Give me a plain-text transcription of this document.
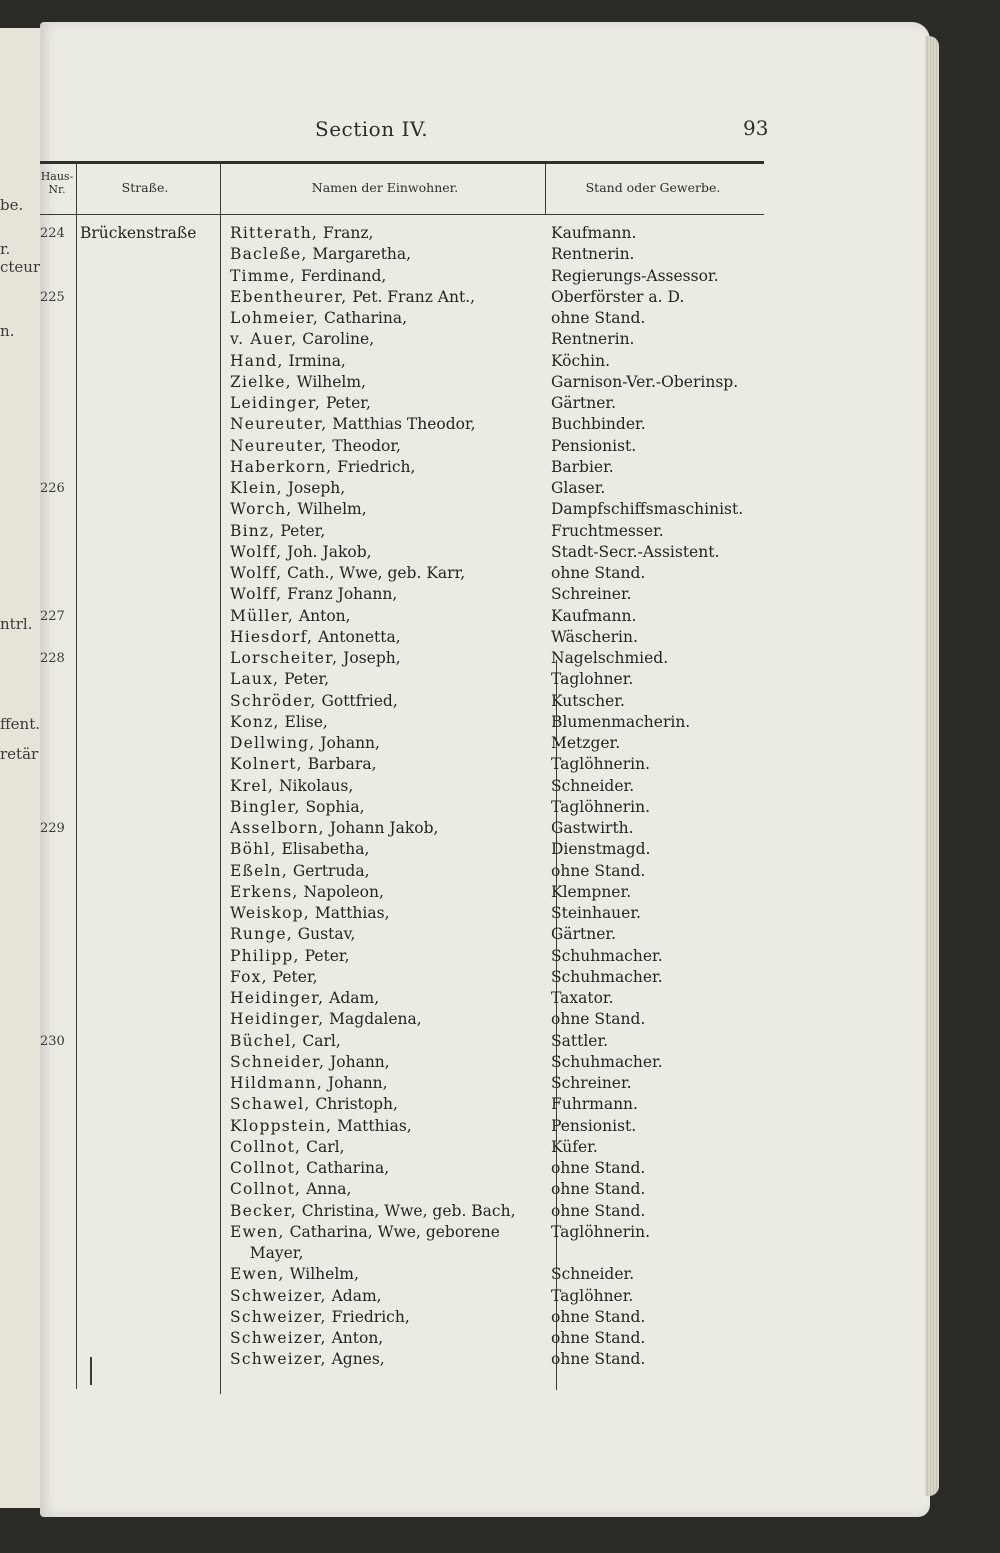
be.
r.
cteur
n.
ntrl.
ffent.
retär
Section IV.	93
Haus-Nr.	Straße.	Namen der Einwohner.	Stand oder Gewerbe.
224 Brückenstraße	Ritterath, Franz,	Kaufmann.
Bacleße, Margaretha,	Rentnerin.
Timme, Ferdinand,	Regierungs-Assessor.
225	Ebentheurer, Pet. Franz Ant.,	Oberförster a. D.
Lohmeier, Catharina,	ohne Stand.
v. Auer, Caroline,	Rentnerin.
Hand, Irmina,	Köchin.
Zielke, Wilhelm,	Garnison-Ver.-Oberinsp.
Leidinger, Peter,	Gärtner.
Neureuter, Matthias Theodor,	Buchbinder.
Neureuter, Theodor,	Pensionist.
Haberkorn, Friedrich,	Barbier.
226	Klein, Joseph,	Glaser.
Worch, Wilhelm,	Dampfschiffsmaschinist.
Binz, Peter,	Fruchtmesser.
Wolff, Joh. Jakob,	Stadt-Secr.-Assistent.
Wolff, Cath., Wwe, geb. Karr,	ohne Stand.
Wolff, Franz Johann,	Schreiner.
227	Müller, Anton,	Kaufmann.
Hiesdorf, Antonetta,	Wäscherin.
228	Lorscheiter, Joseph,	Nagelschmied.
Laux, Peter,	Taglohner.
Schröder, Gottfried,	Kutscher.
Konz, Elise,	Blumenmacherin.
Dellwing, Johann,	Metzger.
Kolnert, Barbara,	Taglöhnerin.
Krel, Nikolaus,	Schneider.
Bingler, Sophia,	Taglöhnerin.
229	Asselborn, Johann Jakob,	Gastwirth.
Böhl, Elisabetha,	Dienstmagd.
Eßeln, Gertruda,	ohne Stand.
Erkens, Napoleon,	Klempner.
Weiskop, Matthias,	Steinhauer.
Runge, Gustav,	Gärtner.
Philipp, Peter,	Schuhmacher.
Fox, Peter,	Schuhmacher.
Heidinger, Adam,	Taxator.
Heidinger, Magdalena,	ohne Stand.
230	Büchel, Carl,	Sattler.
Schneider, Johann,	Schuhmacher.
Hildmann, Johann,	Schreiner.
Schawel, Christoph,	Fuhrmann.
Kloppstein, Matthias,	Pensionist.
Collnot, Carl,	Küfer.
Collnot, Catharina,	ohne Stand.
Collnot, Anna,	ohne Stand.
Becker, Christina, Wwe, geb. Bach,	ohne Stand.
Ewen, Catharina, Wwe, geborene	Taglöhnerin.
Mayer,
Ewen, Wilhelm,	Schneider.
Schweizer, Adam,	Taglöhner.
Schweizer, Friedrich,	ohne Stand.
Schweizer, Anton,	ohne Stand.
Schweizer, Agnes,	ohne Stand.
